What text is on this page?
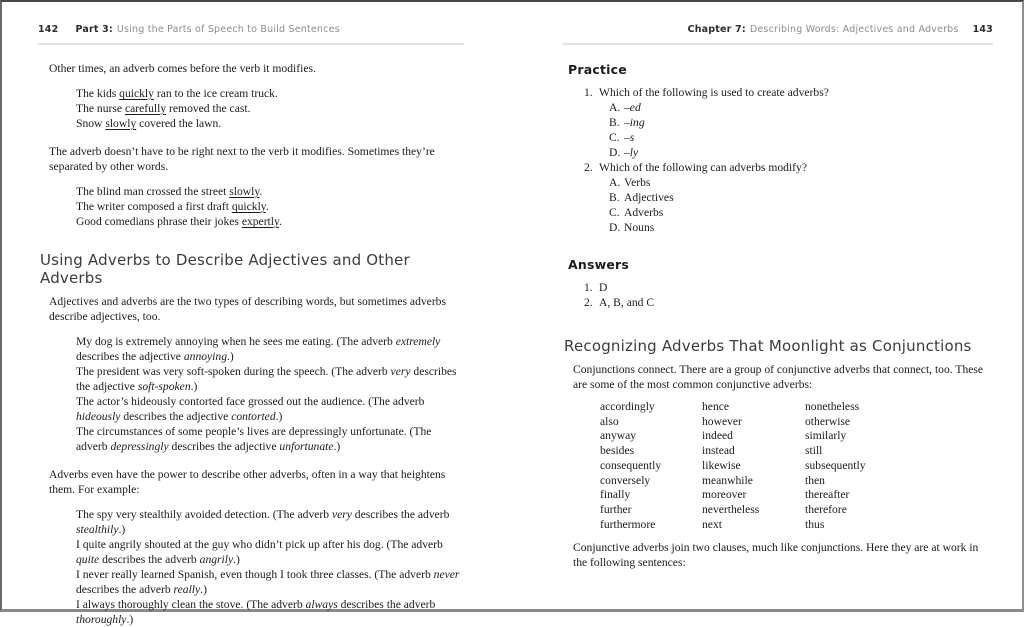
142 Part 3: Using the Parts of Speech to Build Sentences

Other times, an adverb comes before the verb it modifies.

The kids quickly ran to the ice cream truck.

The nurse carefully removed the cast.

Snow slowly covered the lawn.

The adverb doesn’t have to be right next to the verb it modifies. Sometimes they’re separated by other words.

The blind man crossed the street slowly.

The writer composed a first draft quickly.

Good comedians phrase their jokes expertly.

Using Adverbs to Describe Adjectives and Other Adverbs

Adjectives and adverbs are the two types of describing words, but sometimes adverbs describe adjectives, too.

My dog is extremely annoying when he sees me eating. (The adverb extremely describes the adjective annoying.)

The president was very soft-spoken during the speech. (The adverb very describes the adjective soft-spoken.)

The actor’s hideously contorted face grossed out the audience. (The adverb hideously describes the adjective contorted.)

The circumstances of some people’s lives are depressingly unfortunate. (The adverb depressingly describes the adjective unfortunate.)

Adverbs even have the power to describe other adverbs, often in a way that heightens them. For example:

The spy very stealthily avoided detection. (The adverb very describes the adverb stealthily.)

I quite angrily shouted at the guy who didn’t pick up after his dog. (The adverb quite describes the adverb angrily.)

I never really learned Spanish, even though I took three classes. (The adverb never describes the adverb really.)

I always thoroughly clean the stove. (The adverb always describes the adverb thoroughly.)

Chapter 7: Describing Words: Adjectives and Adverbs 143
Practice
1. Which of the following is used to create adverbs?
A. –ed
B. –ing
C. –s
D. –ly
2. Which of the following can adverbs modify?
A. Verbs
B. Adjectives
C. Adverbs
D. Nouns
Answers
1. D
2. A, B, and C
Recognizing Adverbs That Moonlight as Conjunctions

Conjunctions connect. There are a group of conjunctive adverbs that connect, too. These are some of the most common conjunctive adverbs:

accordingly

also

anyway

besides

consequently

conversely

finally

further

furthermore

hence

however

indeed

instead

likewise

meanwhile

moreover

nevertheless

next

nonetheless

otherwise

similarly

still

subsequently

then

thereafter

therefore

thus

Conjunctive adverbs join two clauses, much like conjunctions. Here they are at work in the following sentences:
